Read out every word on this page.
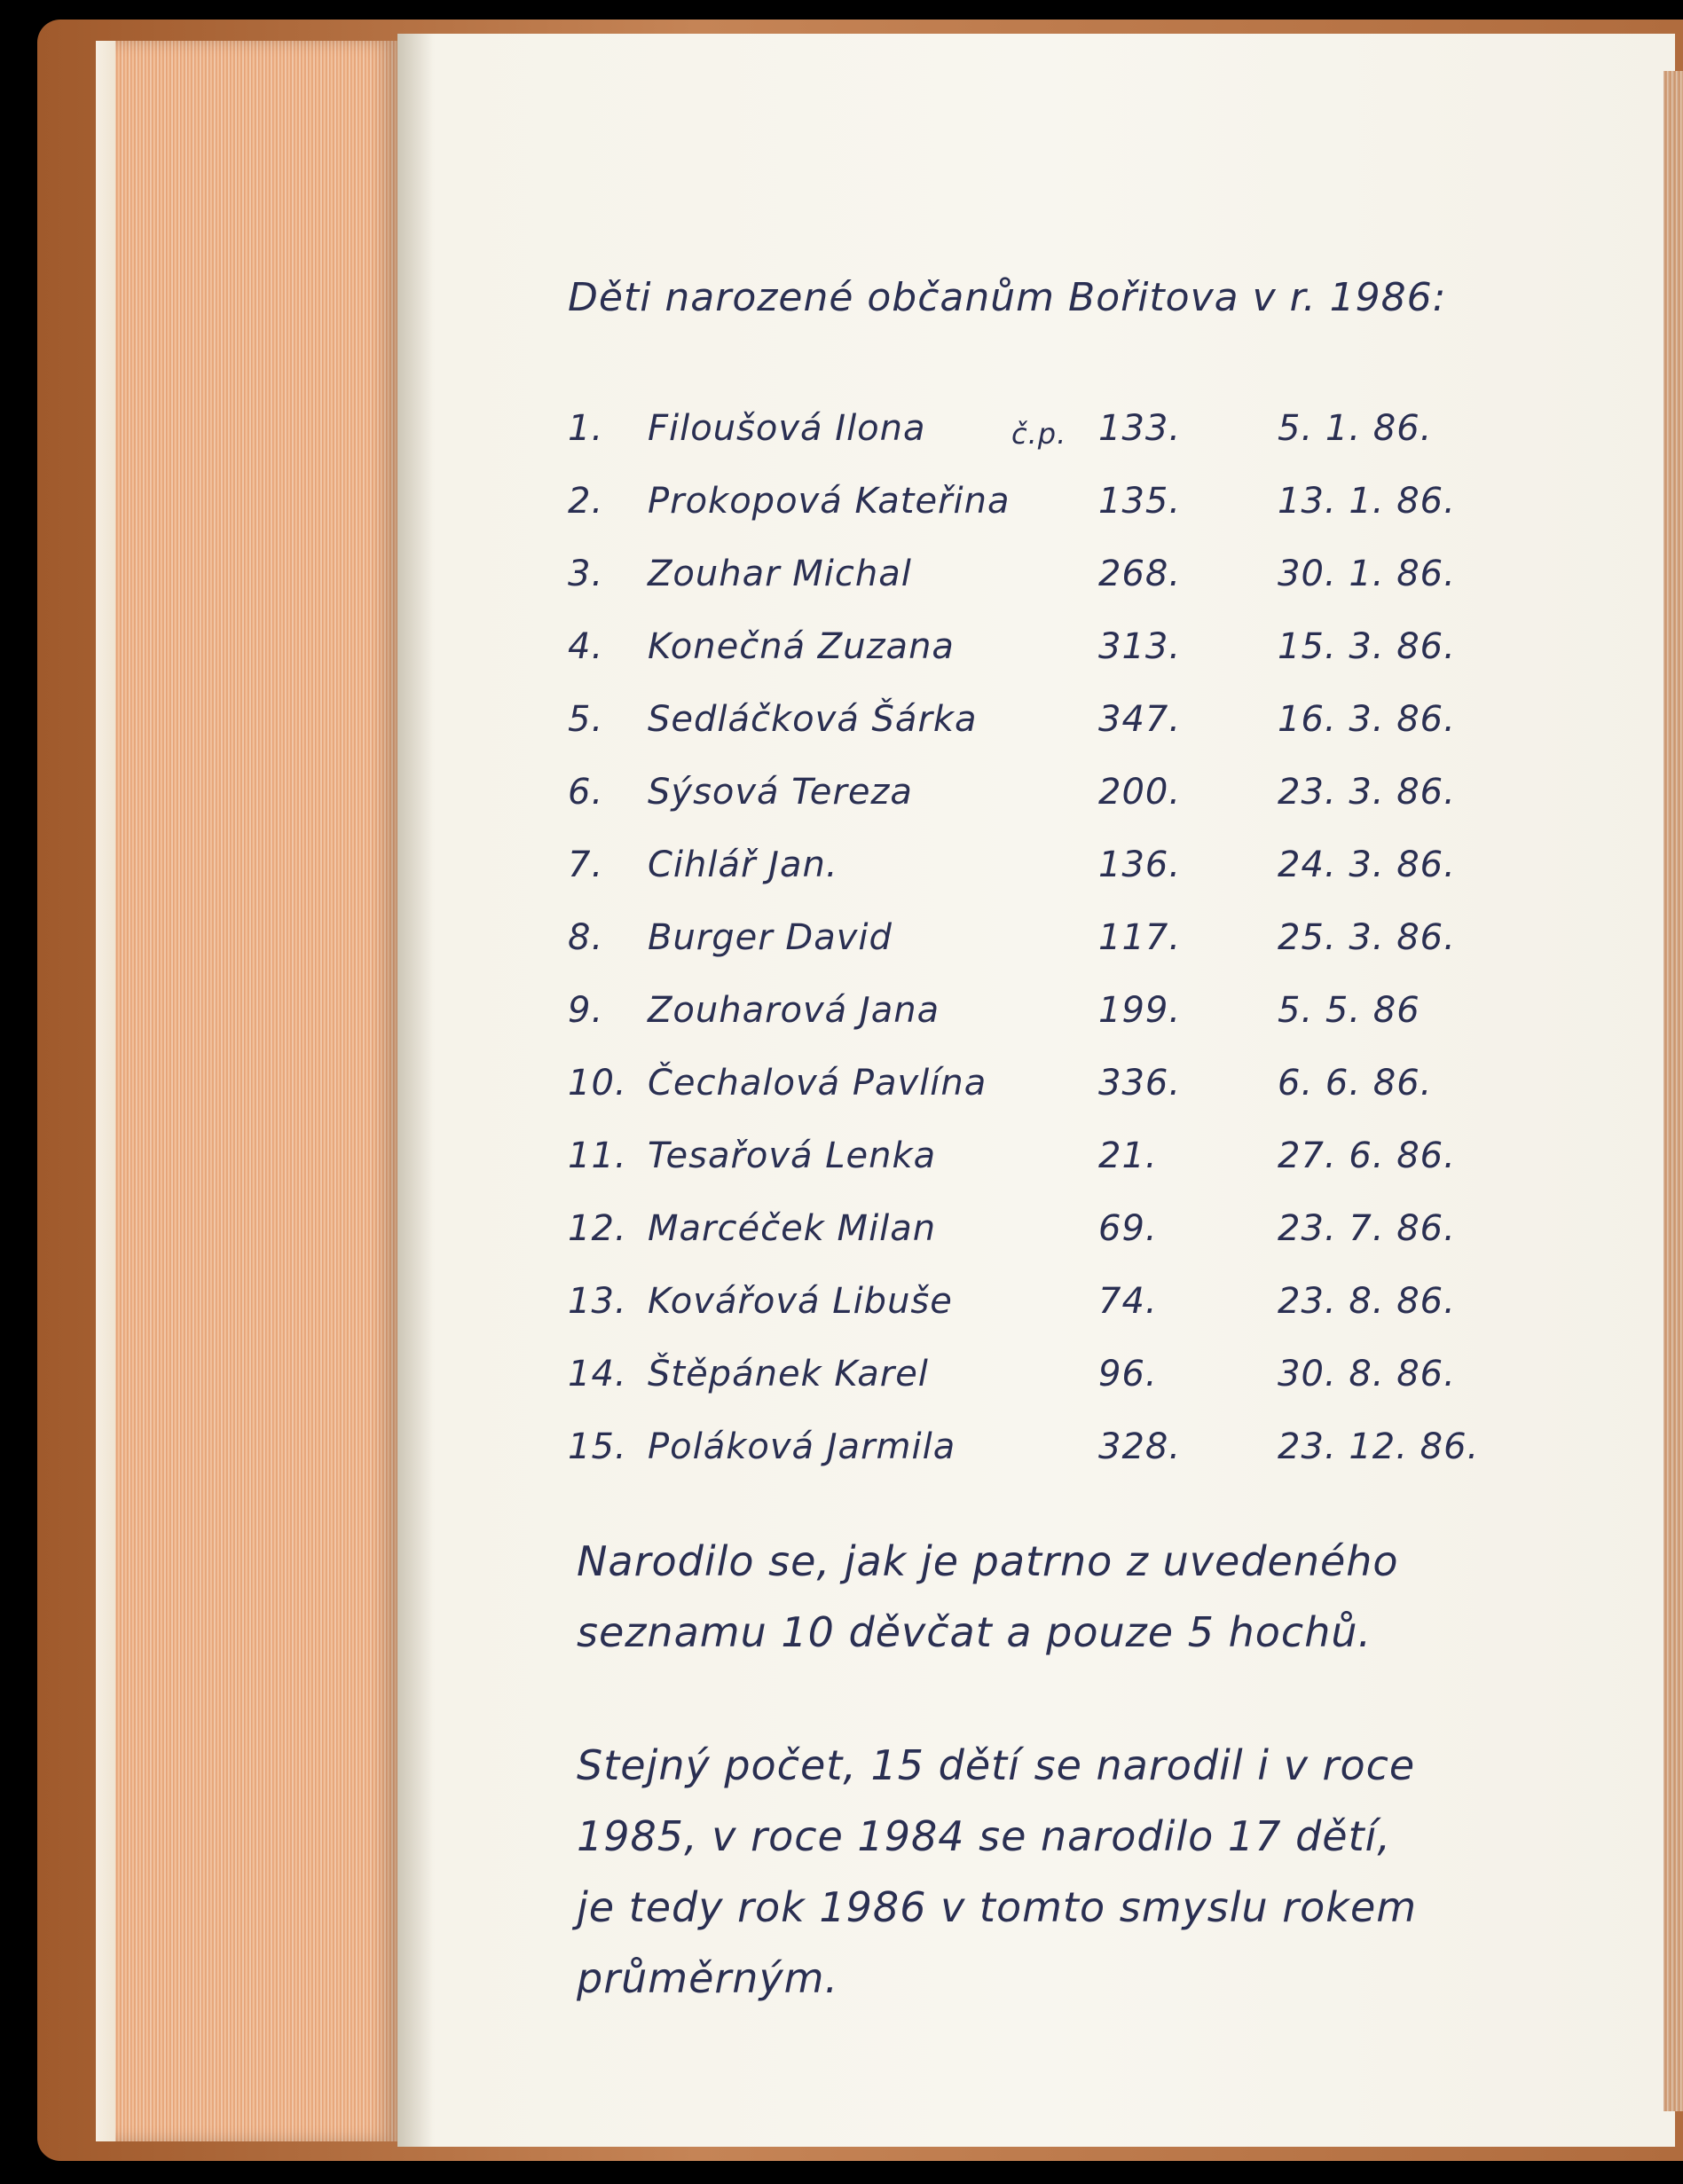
Děti narozené občanům Bořitova v r. 1986:
1. Filoušová Ilona	č.p. 133.	5. 1. 86.
2. Prokopová Kateřina 135.	13. 1. 86.
3. Zouhar Michal	268.	30. 1. 86.
4. Konečná Zuzana	313.	15. 3. 86.
5. Sedláčková Šárka	347.	16. 3. 86.
6. Sýsová Tereza	200.	23. 3. 86.
7. Cihlář Jan.	136.	24. 3. 86.
8. Burger David	117.	25. 3. 86.
9. Zouharová Jana	199.	5. 5. 86
10. Čechalová Pavlína	336.	6. 6. 86.
11. Tesařová Lenka	21.	27. 6. 86.
12. Marcéček Milan	69.	23. 7. 86.
13. Kovářová Libuše	74.	23. 8. 86.
14. Štěpánek Karel	96.	30. 8. 86.
15. Poláková Jarmila	328.	23. 12. 86.
Narodilo se, jak je patrno z uvedeného
seznamu 10 děvčat a pouze 5 hochů.
Stejný počet, 15 dětí se narodil i v roce
1985, v roce 1984 se narodilo 17 dětí,
je tedy rok 1986 v tomto smyslu rokem
průměrným.
